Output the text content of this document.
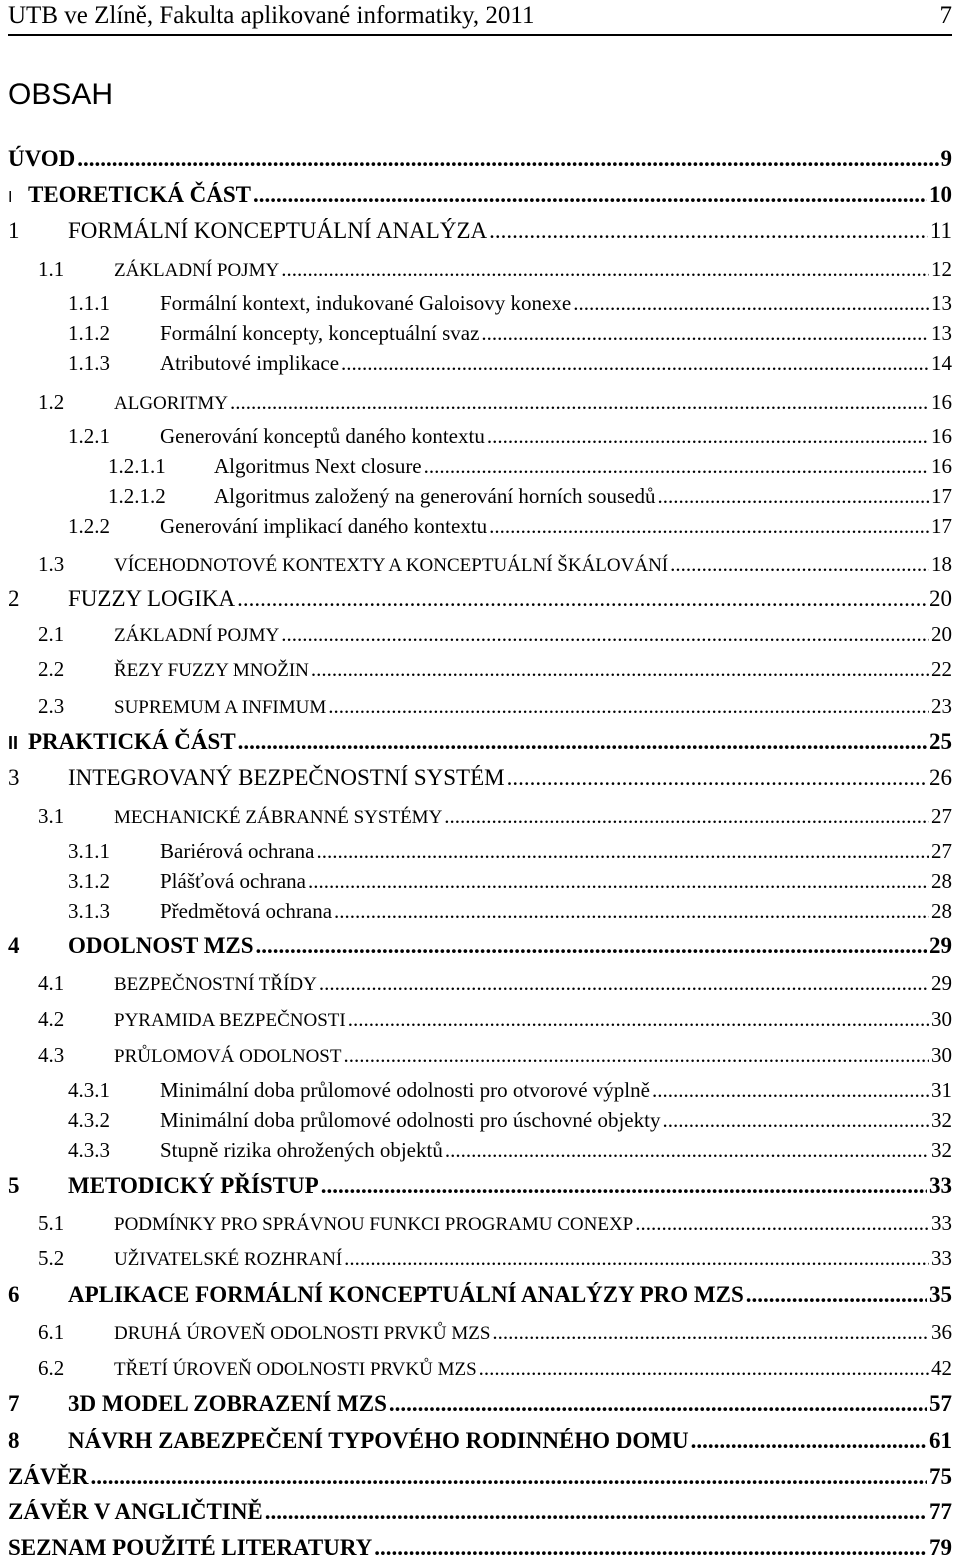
UTB ve Zlíně, Fakulta aplikované informatiky, 2011	7
OBSAH
ÚVOD .....	9
I TEORETICKÁ ČÁST .....	10
1	FORMÁLNÍ KONCEPTUÁLNÍ ANALÝZA .....	11
1.1	ZÁKLADNÍ POJMY .....	12
1.1.1	Formální kontext, indukované Galoisovy konexe .....	13
1.1.2	Formální koncepty, konceptuální svaz .....	13
1.1.3	Atributové implikace .....	14
1.2	ALGORITMY .....	16
1.2.1	Generování konceptů daného kontextu .....	16
1.2.1.1	Algoritmus Next closure .....	16
1.2.1.2	Algoritmus založený na generování horních sousedů .....	17
1.2.2	Generování implikací daného kontextu .....	17
1.3	VÍCEHODNOTOVÉ KONTEXTY A KONCEPTUÁLNÍ ŠKÁLOVÁNÍ .....	18
2	FUZZY LOGIKA .....	20
2.1	ZÁKLADNÍ POJMY .....	20
2.2	ŘEZY FUZZY MNOŽIN .....	22
2.3	SUPREMUM A INFIMUM .....	23
II PRAKTICKÁ ČÁST .....	25
3	INTEGROVANÝ BEZPEČNOSTNÍ SYSTÉM .....	26
3.1	MECHANICKÉ ZÁBRANNÉ SYSTÉMY .....	27
3.1.1	Bariérová ochrana .....	27
3.1.2	Plášťová ochrana .....	28
3.1.3	Předmětová ochrana .....	28
4	ODOLNOST MZS .....	29
4.1	BEZPEČNOSTNÍ TŘÍDY .....	29
4.2	PYRAMIDA BEZPEČNOSTI .....	30
4.3	PRŮLOMOVÁ ODOLNOST .....	30
4.3.1	Minimální doba průlomové odolnosti pro otvorové výplně .....	31
4.3.2	Minimální doba průlomové odolnosti pro úschovné objekty .....	32
4.3.3	Stupně rizika ohrožených objektů .....	32
5	METODICKÝ PŘÍSTUP .....	33
5.1	PODMÍNKY PRO SPRÁVNOU FUNKCI PROGRAMU CONEXP .....	33
5.2	UŽIVATELSKÉ ROZHRANÍ .....	33
6	APLIKACE FORMÁLNÍ KONCEPTUÁLNÍ ANALÝZY PRO MZS .....	35
6.1	DRUHÁ ÚROVEŇ ODOLNOSTI PRVKŮ MZS .....	36
6.2	TŘETÍ ÚROVEŇ ODOLNOSTI PRVKŮ MZS .....	42
7	3D MODEL ZOBRAZENÍ MZS .....	57
8	NÁVRH ZABEZPEČENÍ TYPOVÉHO RODINNÉHO DOMU .....	61
ZÁVĚR .....	75
ZÁVĚR V ANGLIČTINĚ .....	77
SEZNAM POUŽITÉ LITERATURY .....	79
